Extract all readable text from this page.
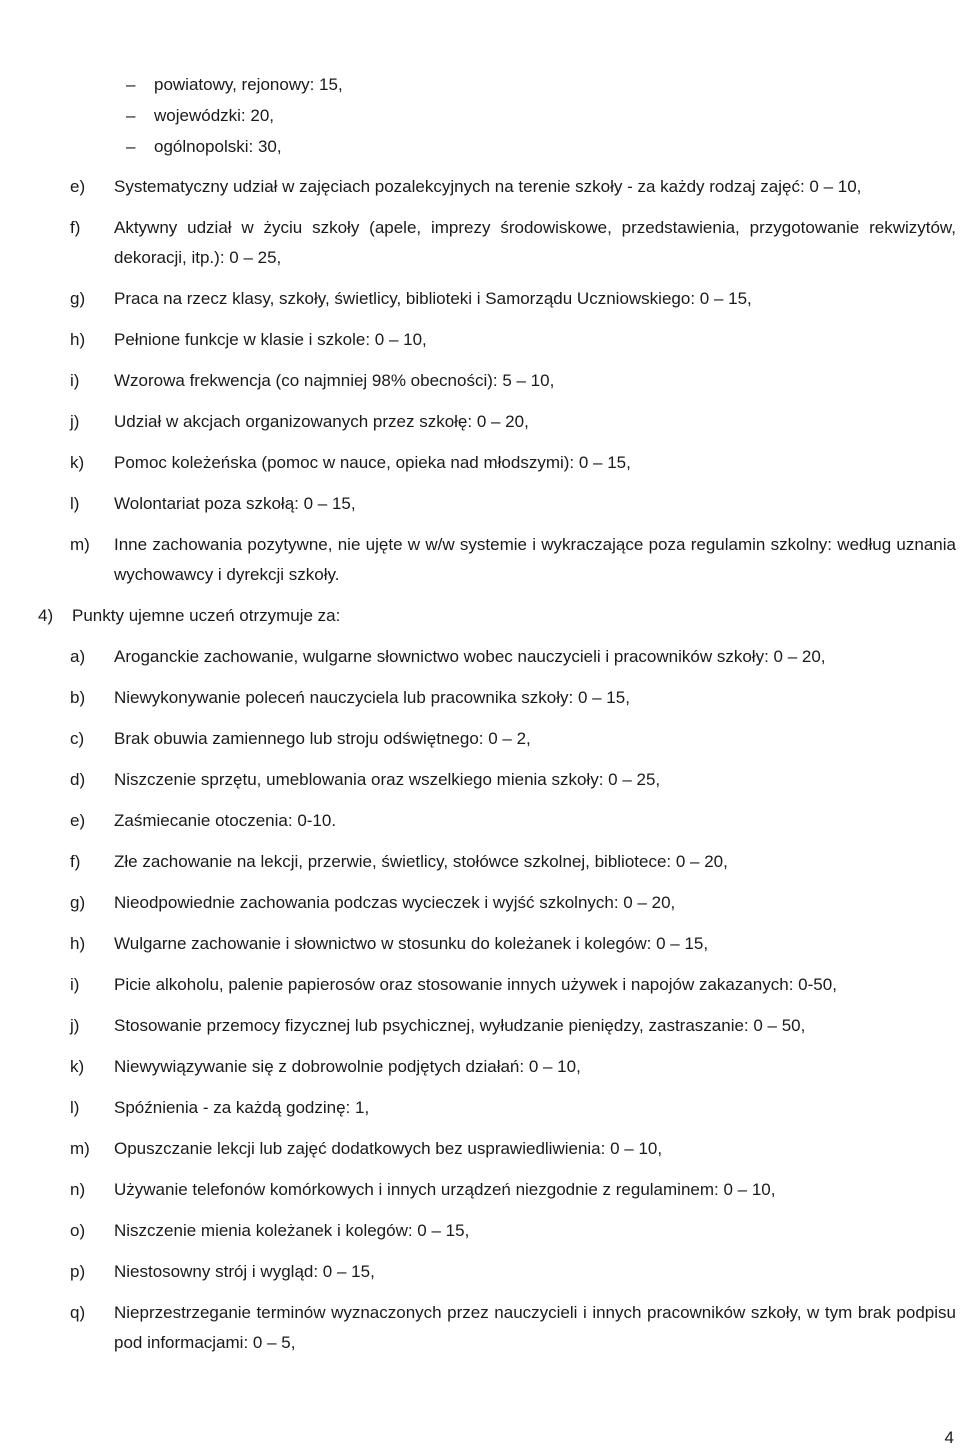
– powiatowy, rejonowy: 15,
– wojewódzki: 20,
– ogólnopolski: 30,
e)	Systematyczny udział w zajęciach pozalekcyjnych na terenie szkoły - za każdy rodzaj zajęć: 0 – 10,
f)	Aktywny udział w życiu szkoły (apele, imprezy środowiskowe, przedstawienia, przygotowanie rekwizytów, dekoracji, itp.): 0 – 25,
g)	Praca na rzecz klasy, szkoły, świetlicy, biblioteki i Samorządu Uczniowskiego: 0 – 15,
h)	Pełnione funkcje w klasie i szkole: 0 – 10,
i)	Wzorowa frekwencja (co najmniej 98% obecności): 5 – 10,
j)	Udział w akcjach organizowanych przez szkołę: 0 – 20,
k)	Pomoc koleżeńska (pomoc w nauce, opieka nad młodszymi): 0 – 15,
l)	Wolontariat poza szkołą: 0 – 15,
m)	Inne zachowania pozytywne, nie ujęte w w/w systemie i wykraczające poza regulamin szkolny: według uznania wychowawcy i dyrekcji szkoły.
4) Punkty ujemne uczeń otrzymuje za:
a)	Aroganckie zachowanie, wulgarne słownictwo wobec nauczycieli i pracowników szkoły: 0 – 20,
b)	Niewykonywanie poleceń nauczyciela lub pracownika szkoły: 0 – 15,
c)	Brak obuwia zamiennego lub stroju odświętnego: 0 – 2,
d)	Niszczenie sprzętu, umeblowania oraz wszelkiego mienia szkoły: 0 – 25,
e)	Zaśmiecanie otoczenia: 0-10.
f)	Złe zachowanie na lekcji, przerwie, świetlicy, stołówce szkolnej, bibliotece: 0 – 20,
g)	Nieodpowiednie zachowania podczas wycieczek i wyjść szkolnych: 0 – 20,
h)	Wulgarne zachowanie i słownictwo w stosunku do koleżanek i kolegów: 0 – 15,
i)	Picie alkoholu, palenie papierosów oraz stosowanie innych używek i napojów zakazanych: 0-50,
j)	Stosowanie przemocy fizycznej lub psychicznej, wyłudzanie pieniędzy, zastraszanie: 0 – 50,
k)	Niewywiązywanie się z dobrowolnie podjętych działań: 0 – 10,
l)	Spóźnienia - za każdą godzinę: 1,
m)	Opuszczanie lekcji lub zajęć dodatkowych bez usprawiedliwienia: 0 – 10,
n)	Używanie telefonów komórkowych i innych urządzeń niezgodnie z regulaminem: 0 – 10,
o)	Niszczenie mienia koleżanek i kolegów: 0 – 15,
p)	Niestosowny strój i wygląd: 0 – 15,
q)	Nieprzestrzeganie terminów wyznaczonych przez nauczycieli i innych pracowników szkoły, w tym brak podpisu pod informacjami: 0 – 5,
4
